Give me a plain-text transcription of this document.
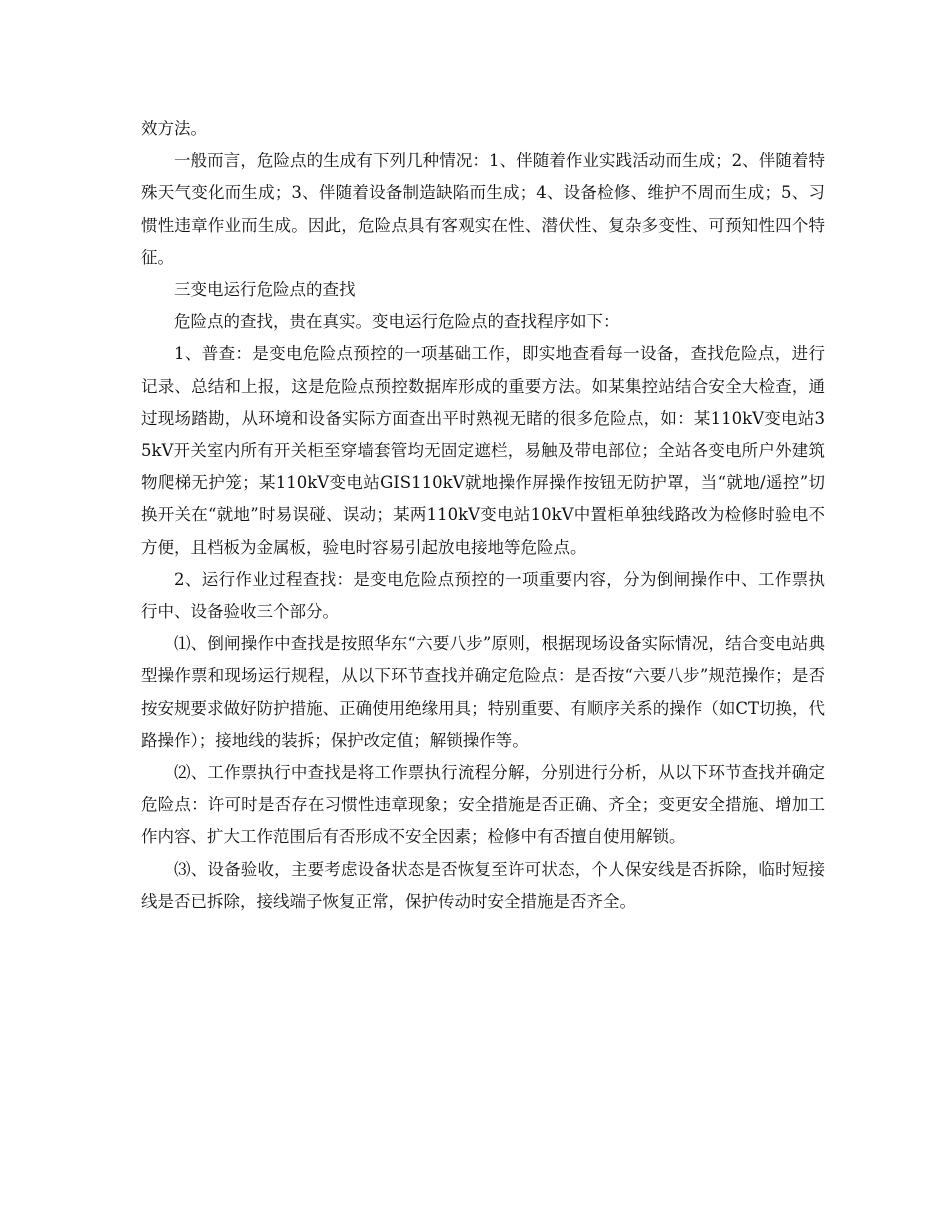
效方法。

一般而言，危险点的生成有下列几种情况：1、伴随着作业实践活动而生成；2、伴随着特殊天气变化而生成；3、伴随着设备制造缺陷而生成；4、设备检修、维护不周而生成；5、习惯性违章作业而生成。因此，危险点具有客观实在性、潜伏性、复杂多变性、可预知性四个特征。

三变电运行危险点的查找

危险点的查找，贵在真实。变电运行危险点的查找程序如下：

1、普查：是变电危险点预控的一项基础工作，即实地查看每一设备，查找危险点，进行记录、总结和上报，这是危险点预控数据库形成的重要方法。如某集控站结合安全大检查，通过现场踏勘，从环境和设备实际方面查出平时熟视无睹的很多危险点，如：某110kV变电站35kV开关室内所有开关柜至穿墙套管均无固定遮栏，易触及带电部位；全站各变电所户外建筑物爬梯无护笼；某110kV变电站GIS110kV就地操作屏操作按钮无防护罩，当“就地/遥控”切换开关在“就地”时易误碰、误动；某两110kV变电站10kV中置柜单独线路改为检修时验电不方便，且档板为金属板，验电时容易引起放电接地等危险点。

2、运行作业过程查找：是变电危险点预控的一项重要内容，分为倒闸操作中、工作票执行中、设备验收三个部分。

⑴、倒闸操作中查找是按照华东“六要八步”原则，根据现场设备实际情况，结合变电站典型操作票和现场运行规程，从以下环节查找并确定危险点：是否按“六要八步”规范操作；是否按安规要求做好防护措施、正确使用绝缘用具；特别重要、有顺序关系的操作（如CT切换，代路操作）；接地线的装拆；保护改定值；解锁操作等。

⑵、工作票执行中查找是将工作票执行流程分解，分别进行分析，从以下环节查找并确定危险点：许可时是否存在习惯性违章现象；安全措施是否正确、齐全；变更安全措施、增加工作内容、扩大工作范围后有否形成不安全因素；检修中有否擅自使用解锁。

⑶、设备验收，主要考虑设备状态是否恢复至许可状态，个人保安线是否拆除，临时短接线是否已拆除，接线端子恢复正常，保护传动时安全措施是否齐全。
